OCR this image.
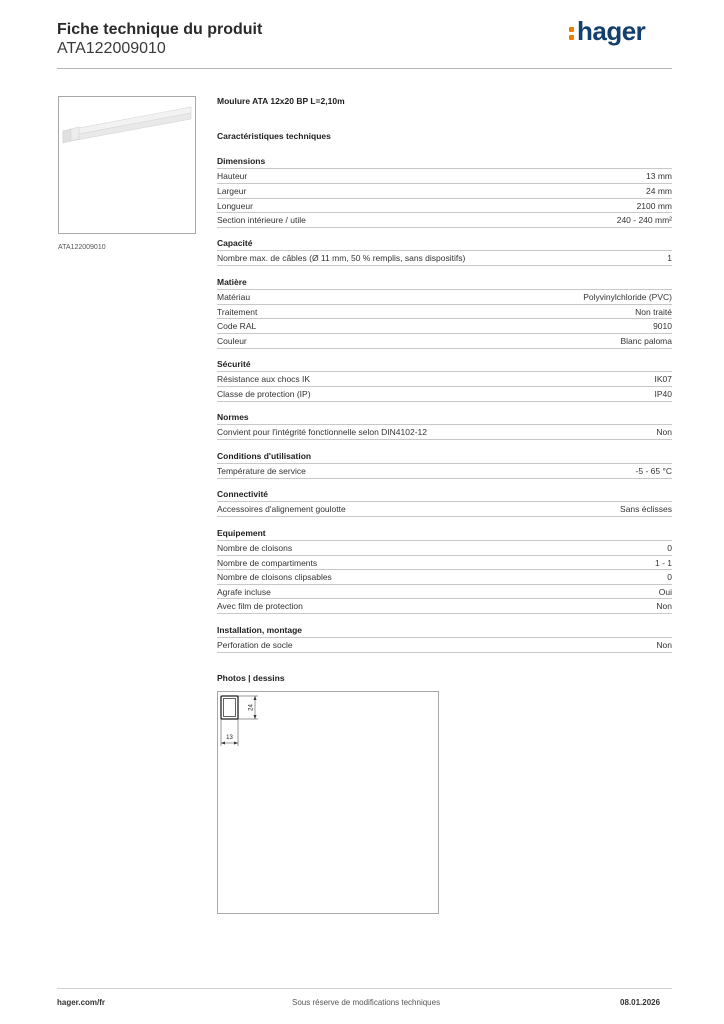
Fiche technique du produit
ATA122009010
hager
ATA122009010
Moulure ATA 12x20 BP L=2,10m
Caractéristiques techniques
Dimensions
Hauteur	13 mm
Largeur	24 mm
Longueur	2100 mm
Section intérieure / utile	240 - 240 mm²
Capacité
Nombre max. de câbles (Ø 11 mm, 50 % remplis, sans dispositifs)	1
Matière
Matériau	Polyvinylchloride (PVC)
Traitement	Non traité
Code RAL	9010
Couleur	Blanc paloma
Sécurité
Résistance aux chocs IK	IK07
Classe de protection (IP)	IP40
Normes
Convient pour l'intégrité fonctionnelle selon DIN4102-12	Non
Conditions d'utilisation
Température de service	-5 - 65 °C
Connectivité
Accessoires d'alignement goulotte	Sans éclisses
Equipement
Nombre de cloisons	0
Nombre de compartiments	1 - 1
Nombre de cloisons clipsables	0
Agrafe incluse	Oui
Avec film de protection	Non
Installation, montage
Perforation de socle	Non
Photos | dessins
24
13
hager.com/fr	Sous réserve de modifications techniques	08.01.2026
